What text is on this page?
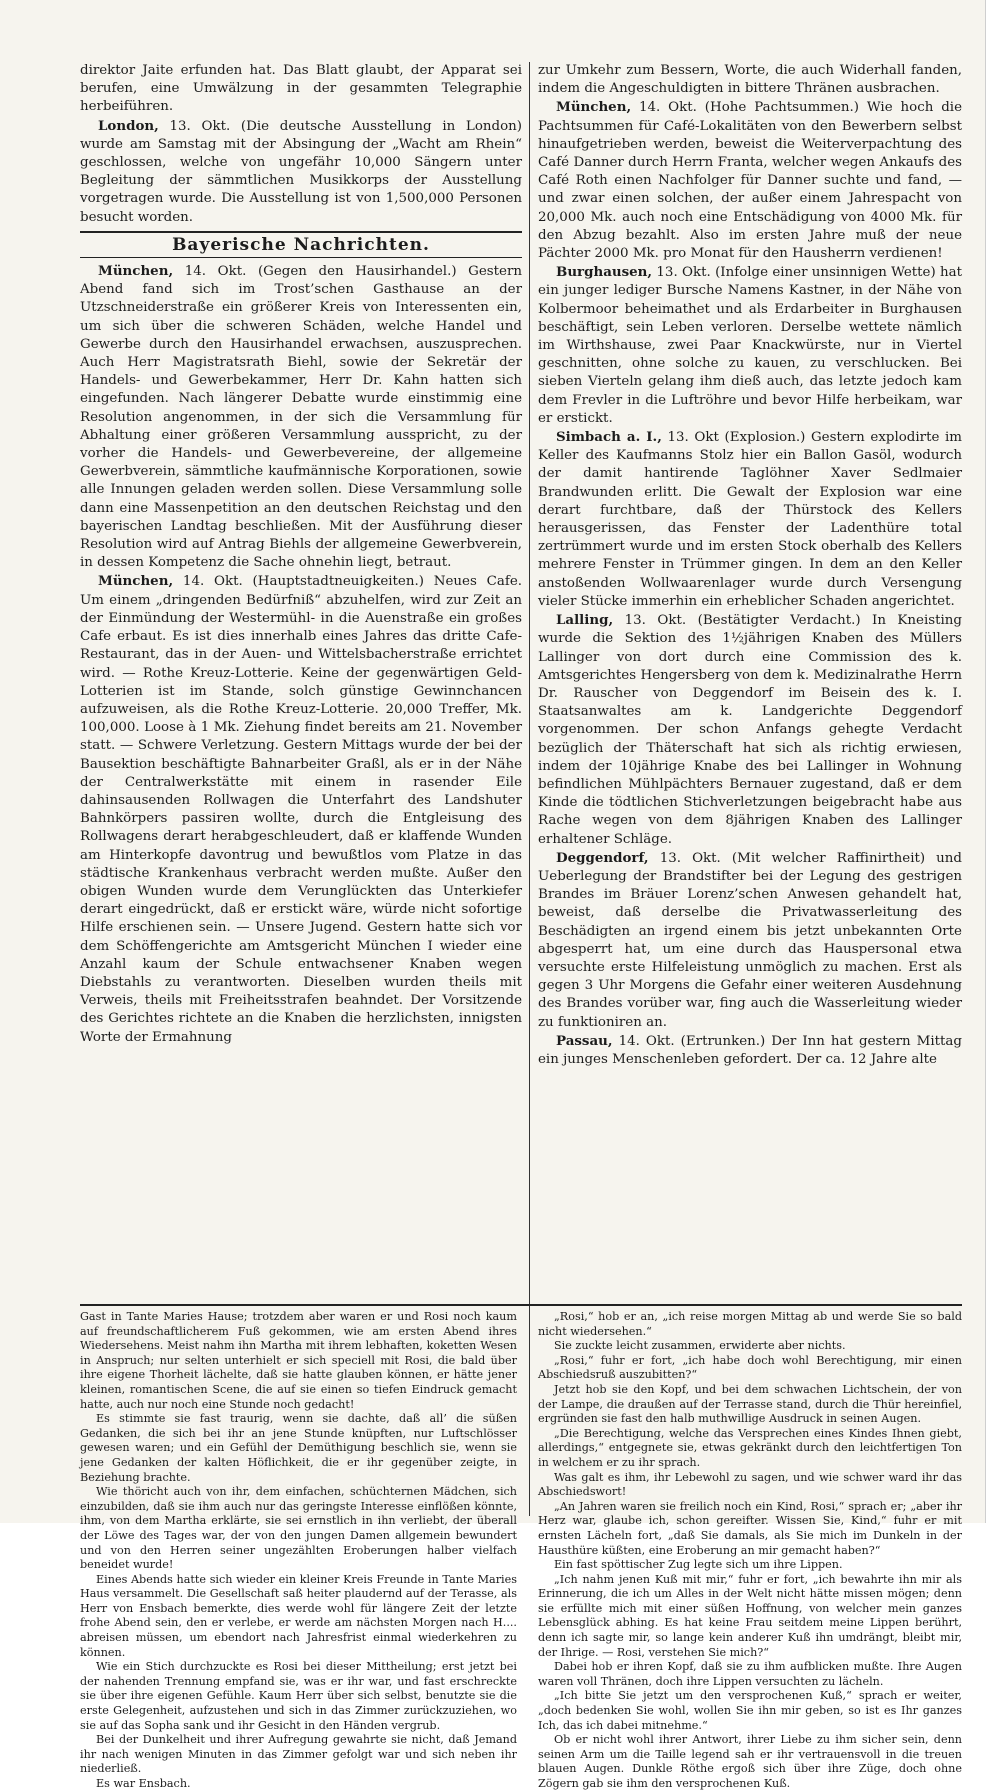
direktor Jaite erfunden hat. Das Blatt glaubt, der Apparat sei berufen, eine Umwälzung in der gesammten Telegraphie herbeiführen.

London, 13. Okt. (Die deutsche Ausstellung in London) wurde am Samstag mit der Absingung der „Wacht am Rhein“ geschlossen, welche von ungefähr 10,000 Sängern unter Begleitung der sämmtlichen Musikkorps der Ausstellung vorgetragen wurde. Die Ausstellung ist von 1,500,000 Personen besucht worden.

Bayerische Nachrichten.

München, 14. Okt. (Gegen den Hausirhandel.) Gestern Abend fand sich im Trost’schen Gasthause an der Utzschneiderstraße ein größerer Kreis von Interessenten ein, um sich über die schweren Schäden, welche Handel und Gewerbe durch den Hausirhandel erwachsen, auszusprechen. Auch Herr Magistratsrath Biehl, sowie der Sekretär der Handels- und Gewerbekammer, Herr Dr. Kahn hatten sich eingefunden. Nach längerer Debatte wurde einstimmig eine Resolution angenommen, in der sich die Versammlung für Abhaltung einer größeren Versammlung ausspricht, zu der vorher die Handels- und Gewerbevereine, der allgemeine Gewerbverein, sämmtliche kaufmännische Korporationen, sowie alle Innungen geladen werden sollen. Diese Versammlung solle dann eine Massenpetition an den deutschen Reichstag und den bayerischen Landtag beschließen. Mit der Ausführung dieser Resolution wird auf Antrag Biehls der allgemeine Gewerbverein, in dessen Kompetenz die Sache ohnehin liegt, betraut.

München, 14. Okt. (Hauptstadtneuigkeiten.) Neues Cafe. Um einem „dringenden Bedürfniß“ abzuhelfen, wird zur Zeit an der Einmündung der Westermühl- in die Auenstraße ein großes Cafe erbaut. Es ist dies innerhalb eines Jahres das dritte Cafe-Restaurant, das in der Auen- und Wittelsbacherstraße errichtet wird. — Rothe Kreuz-Lotterie. Keine der gegenwärtigen Geld-Lotterien ist im Stande, solch günstige Gewinnchancen aufzuweisen, als die Rothe Kreuz-Lotterie. 20,000 Treffer, Mk. 100,000. Loose à 1 Mk. Ziehung findet bereits am 21. November statt. — Schwere Verletzung. Gestern Mittags wurde der bei der Bausektion beschäftigte Bahnarbeiter Graßl, als er in der Nähe der Centralwerkstätte mit einem in rasender Eile dahinsausenden Rollwagen die Unterfahrt des Landshuter Bahnkörpers passiren wollte, durch die Entgleisung des Rollwagens derart herabgeschleudert, daß er klaffende Wunden am Hinterkopfe davontrug und bewußtlos vom Platze in das städtische Krankenhaus verbracht werden mußte. Außer den obigen Wunden wurde dem Verunglückten das Unterkiefer derart eingedrückt, daß er erstickt wäre, würde nicht sofortige Hilfe erschienen sein. — Unsere Jugend. Gestern hatte sich vor dem Schöffengerichte am Amtsgericht München I wieder eine Anzahl kaum der Schule entwachsener Knaben wegen Diebstahls zu verantworten. Dieselben wurden theils mit Verweis, theils mit Freiheitsstrafen beahndet. Der Vorsitzende des Gerichtes richtete an die Knaben die herzlichsten, innigsten Worte der Ermahnung

zur Umkehr zum Bessern, Worte, die auch Widerhall fanden, indem die Angeschuldigten in bittere Thränen ausbrachen.

München, 14. Okt. (Hohe Pachtsummen.) Wie hoch die Pachtsummen für Café-Lokalitäten von den Bewerbern selbst hinaufgetrieben werden, beweist die Weiterverpachtung des Café Danner durch Herrn Franta, welcher wegen Ankaufs des Café Roth einen Nachfolger für Danner suchte und fand, — und zwar einen solchen, der außer einem Jahrespacht von 20,000 Mk. auch noch eine Entschädigung von 4000 Mk. für den Abzug bezahlt. Also im ersten Jahre muß der neue Pächter 2000 Mk. pro Monat für den Hausherrn verdienen!

Burghausen, 13. Okt. (Infolge einer unsinnigen Wette) hat ein junger lediger Bursche Namens Kastner, in der Nähe von Kolbermoor beheimathet und als Erdarbeiter in Burghausen beschäftigt, sein Leben verloren. Derselbe wettete nämlich im Wirthshause, zwei Paar Knackwürste, nur in Viertel geschnitten, ohne solche zu kauen, zu verschlucken. Bei sieben Vierteln gelang ihm dieß auch, das letzte jedoch kam dem Frevler in die Luftröhre und bevor Hilfe herbeikam, war er erstickt.

Simbach a. I., 13. Okt (Explosion.) Gestern explodirte im Keller des Kaufmanns Stolz hier ein Ballon Gasöl, wodurch der damit hantirende Taglöhner Xaver Sedlmaier Brandwunden erlitt. Die Gewalt der Explosion war eine derart furchtbare, daß der Thürstock des Kellers herausgerissen, das Fenster der Ladenthüre total zertrümmert wurde und im ersten Stock oberhalb des Kellers mehrere Fenster in Trümmer gingen. In dem an den Keller anstoßenden Wollwaarenlager wurde durch Versengung vieler Stücke immerhin ein erheblicher Schaden angerichtet.

Lalling, 13. Okt. (Bestätigter Verdacht.) In Kneisting wurde die Sektion des 1½jährigen Knaben des Müllers Lallinger von dort durch eine Commission des k. Amtsgerichtes Hengersberg von dem k. Medizinalrathe Herrn Dr. Rauscher von Deggendorf im Beisein des k. I. Staatsanwaltes am k. Landgerichte Deggendorf vorgenommen. Der schon Anfangs gehegte Verdacht bezüglich der Thäterschaft hat sich als richtig erwiesen, indem der 10jährige Knabe des bei Lallinger in Wohnung befindlichen Mühlpächters Bernauer zugestand, daß er dem Kinde die tödtlichen Stichverletzungen beigebracht habe aus Rache wegen von dem 8jährigen Knaben des Lallinger erhaltener Schläge.

Deggendorf, 13. Okt. (Mit welcher Raffinirtheit) und Ueberlegung der Brandstifter bei der Legung des gestrigen Brandes im Bräuer Lorenz’schen Anwesen gehandelt hat, beweist, daß derselbe die Privatwasserleitung des Beschädigten an irgend einem bis jetzt unbekannten Orte abgesperrt hat, um eine durch das Hauspersonal etwa versuchte erste Hilfeleistung unmöglich zu machen. Erst als gegen 3 Uhr Morgens die Gefahr einer weiteren Ausdehnung des Brandes vorüber war, fing auch die Wasserleitung wieder zu funktioniren an.

Passau, 14. Okt. (Ertrunken.) Der Inn hat gestern Mittag ein junges Menschenleben gefordert. Der ca. 12 Jahre alte

Gast in Tante Maries Hause; trotzdem aber waren er und Rosi noch kaum auf freundschaftlicherem Fuß gekommen, wie am ersten Abend ihres Wiedersehens. Meist nahm ihn Martha mit ihrem lebhaften, koketten Wesen in Anspruch; nur selten unterhielt er sich speciell mit Rosi, die bald über ihre eigene Thorheit lächelte, daß sie hatte glauben können, er hätte jener kleinen, romantischen Scene, die auf sie einen so tiefen Eindruck gemacht hatte, auch nur noch eine Stunde noch gedacht!

Es stimmte sie fast traurig, wenn sie dachte, daß all’ die süßen Gedanken, die sich bei ihr an jene Stunde knüpften, nur Luftschlösser gewesen waren; und ein Gefühl der Demüthigung beschlich sie, wenn sie jene Gedanken der kalten Höflichkeit, die er ihr gegenüber zeigte, in Beziehung brachte.

Wie thöricht auch von ihr, dem einfachen, schüchternen Mädchen, sich einzubilden, daß sie ihm auch nur das geringste Interesse einflößen könnte, ihm, von dem Martha erklärte, sie sei ernstlich in ihn verliebt, der überall der Löwe des Tages war, der von den jungen Damen allgemein bewundert und von den Herren seiner ungezählten Eroberungen halber vielfach beneidet wurde!

Eines Abends hatte sich wieder ein kleiner Kreis Freunde in Tante Maries Haus versammelt. Die Gesellschaft saß heiter plaudernd auf der Terasse, als Herr von Ensbach bemerkte, dies werde wohl für längere Zeit der letzte frohe Abend sein, den er verlebe, er werde am nächsten Morgen nach H.... abreisen müssen, um ebendort nach Jahresfrist einmal wiederkehren zu können.

Wie ein Stich durchzuckte es Rosi bei dieser Mittheilung; erst jetzt bei der nahenden Trennung empfand sie, was er ihr war, und fast erschreckte sie über ihre eigenen Gefühle. Kaum Herr über sich selbst, benutzte sie die erste Gelegenheit, aufzustehen und sich in das Zimmer zurückzuziehen, wo sie auf das Sopha sank und ihr Gesicht in den Händen vergrub.

Bei der Dunkelheit und ihrer Aufregung gewahrte sie nicht, daß Jemand ihr nach wenigen Minuten in das Zimmer gefolgt war und sich neben ihr niederließ.

Es war Ensbach.

„Rosi,“ hob er an, „ich reise morgen Mittag ab und werde Sie so bald nicht wiedersehen.“

Sie zuckte leicht zusammen, erwiderte aber nichts.

„Rosi,“ fuhr er fort, „ich habe doch wohl Berechtigung, mir einen Abschiedsruß auszubitten?“

Jetzt hob sie den Kopf, und bei dem schwachen Lichtschein, der von der Lampe, die draußen auf der Terrasse stand, durch die Thür hereinfiel, ergründen sie fast den halb muthwillige Ausdruck in seinen Augen.

„Die Berechtigung, welche das Versprechen eines Kindes Ihnen giebt, allerdings,“ entgegnete sie, etwas gekränkt durch den leichtfertigen Ton in welchem er zu ihr sprach.

Was galt es ihm, ihr Lebewohl zu sagen, und wie schwer ward ihr das Abschiedswort!

„An Jahren waren sie freilich noch ein Kind, Rosi,“ sprach er; „aber ihr Herz war, glaube ich, schon gereifter. Wissen Sie, Kind,“ fuhr er mit ernsten Lächeln fort, „daß Sie damals, als Sie mich im Dunkeln in der Hausthüre küßten, eine Eroberung an mir gemacht haben?“

Ein fast spöttischer Zug legte sich um ihre Lippen.

„Ich nahm jenen Kuß mit mir,“ fuhr er fort, „ich bewahrte ihn mir als Erinnerung, die ich um Alles in der Welt nicht hätte missen mögen; denn sie erfüllte mich mit einer süßen Hoffnung, von welcher mein ganzes Lebensglück abhing. Es hat keine Frau seitdem meine Lippen berührt, denn ich sagte mir, so lange kein anderer Kuß ihn umdrängt, bleibt mir, der Ihrige. — Rosi, verstehen Sie mich?“

Dabei hob er ihren Kopf, daß sie zu ihm aufblicken mußte. Ihre Augen waren voll Thränen, doch ihre Lippen versuchten zu lächeln.

„Ich bitte Sie jetzt um den versprochenen Kuß,“ sprach er weiter, „doch bedenken Sie wohl, wollen Sie ihn mir geben, so ist es Ihr ganzes Ich, das ich dabei mitnehme.“

Ob er nicht wohl ihrer Antwort, ihrer Liebe zu ihm sicher sein, denn seinen Arm um die Taille legend sah er ihr vertrauensvoll in die treuen blauen Augen. Dunkle Röthe ergoß sich über ihre Züge, doch ohne Zögern gab sie ihm den versprochenen Kuß.
